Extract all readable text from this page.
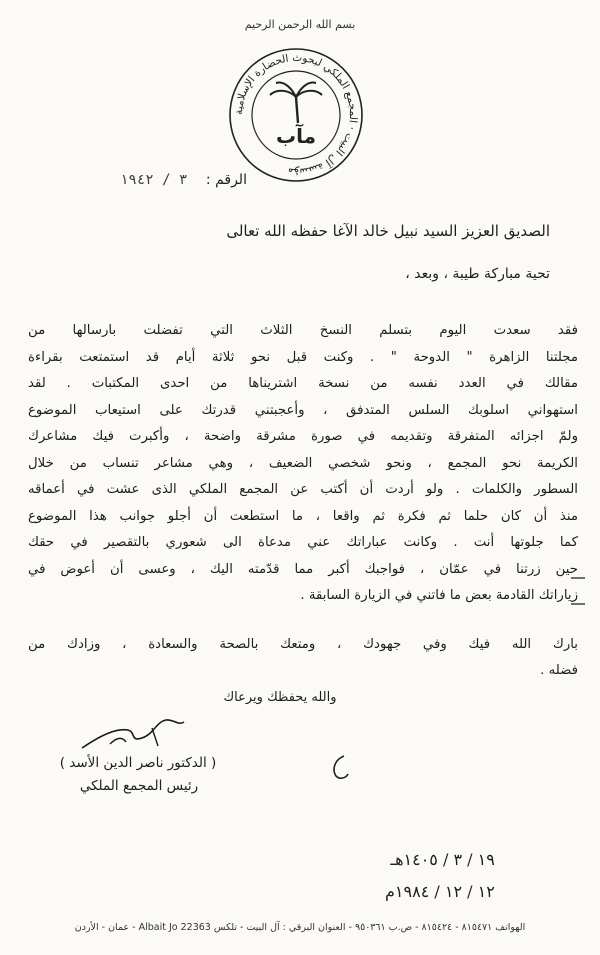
بسم الله الرحمن الرحيم
مؤسسة آل البيت · المجمع الملكي لبحوث الحضارة الإسلامية
مآب
الرقم : ٣ / ١٩٤٢
الصديق العزيز السيد نبيل خالد الآغا حفظه الله تعالى
تحية مباركة طيبة ، وبعد ،
فقد سعدت اليوم بتسلم النسخ الثلاث التي تفضلت بارسالها من
مجلتنا الزاهرة " الدوحة " . وكنت قبل نحو ثلاثة أيام قد استمتعت بقراءة
مقالك في العدد نفسه من نسخة اشتريناها من احدى المكتبات . لقد
استهواني اسلوبك السلس المتدفق ، وأعجبتني قدرتك على استيعاب الموضوع
ولمّ اجزائه المتفرقة وتقديمه في صورة مشرقة واضحة ، وأكبرت فيك مشاعرك
الكريمة نحو المجمع ، ونحو شخصي الضعيف ، وهي مشاعر تنساب من خلال
السطور والكلمات . ولو أردت أن أكتب عن المجمع الملكي الذى عشت في أعماقه
منذ أن كان حلما ثم فكرة ثم واقعا ، ما استطعت أن أجلو جوانب هذا الموضوع
كما جلوتها أنت . وكانت عباراتك عني مدعاة الى شعوري بالتقصير في حقك
حين زرتنا في عمّان ، فواجبك أكبر مما قدّمته اليك ، وعسى أن أعوض في
زياراتك القادمة بعض ما فاتني في الزيارة السابقة .
بارك الله فيك وفي جهودك ، ومتعك بالصحة والسعادة ، وزادك من
فضله .
والله يحفظك ويرعاك
( الدكتور ناصر الدين الأسد )
رئيس المجمع الملكي
١٩ / ٣ / ١٤٠٥هـ
١٢ / ١٢ / ١٩٨٤م
الهواتف ٨١٥٤٧١ - ٨١٥٤٢٤ - ص.ب ٩٥٠٣٦١ - العنوان البرقي : آل البيت - تلكس 22363 Albait Jo - عمان - الأردن
